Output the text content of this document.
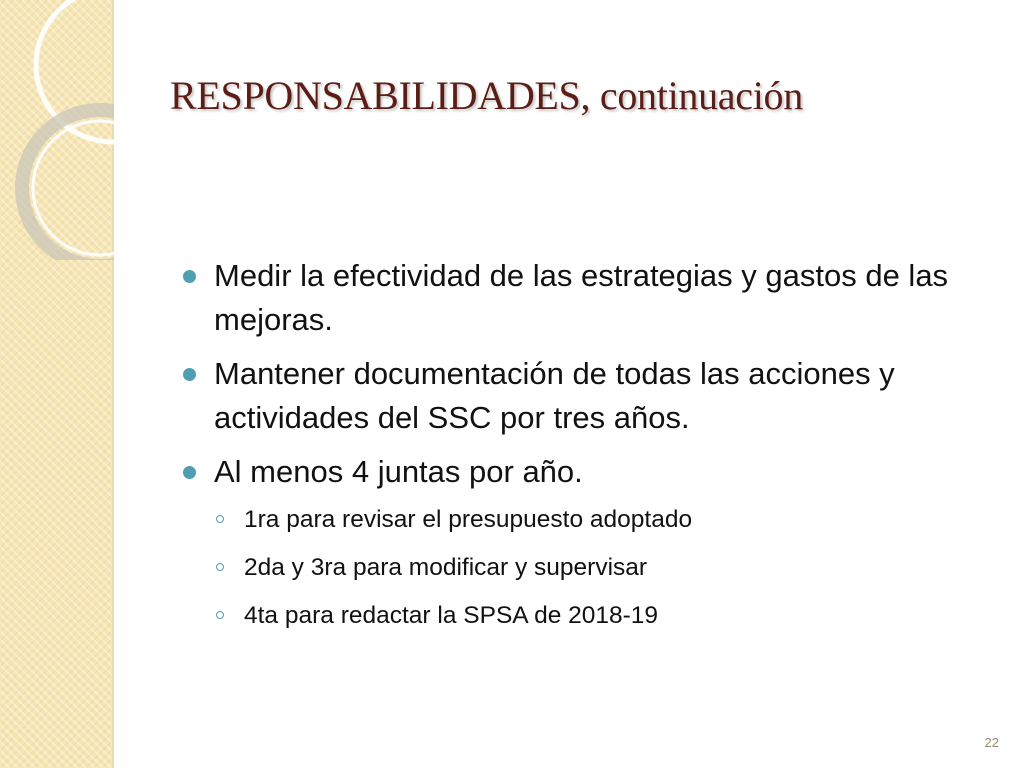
RESPONSABILIDADES, continuación
Medir la efectividad de las estrategias y gastos de las mejoras.
Mantener documentación de todas las acciones y actividades del SSC por tres años.
Al menos 4 juntas por año.
1ra para revisar el presupuesto adoptado
2da y 3ra para modificar y supervisar
4ta para redactar la SPSA de 2018-19
22
